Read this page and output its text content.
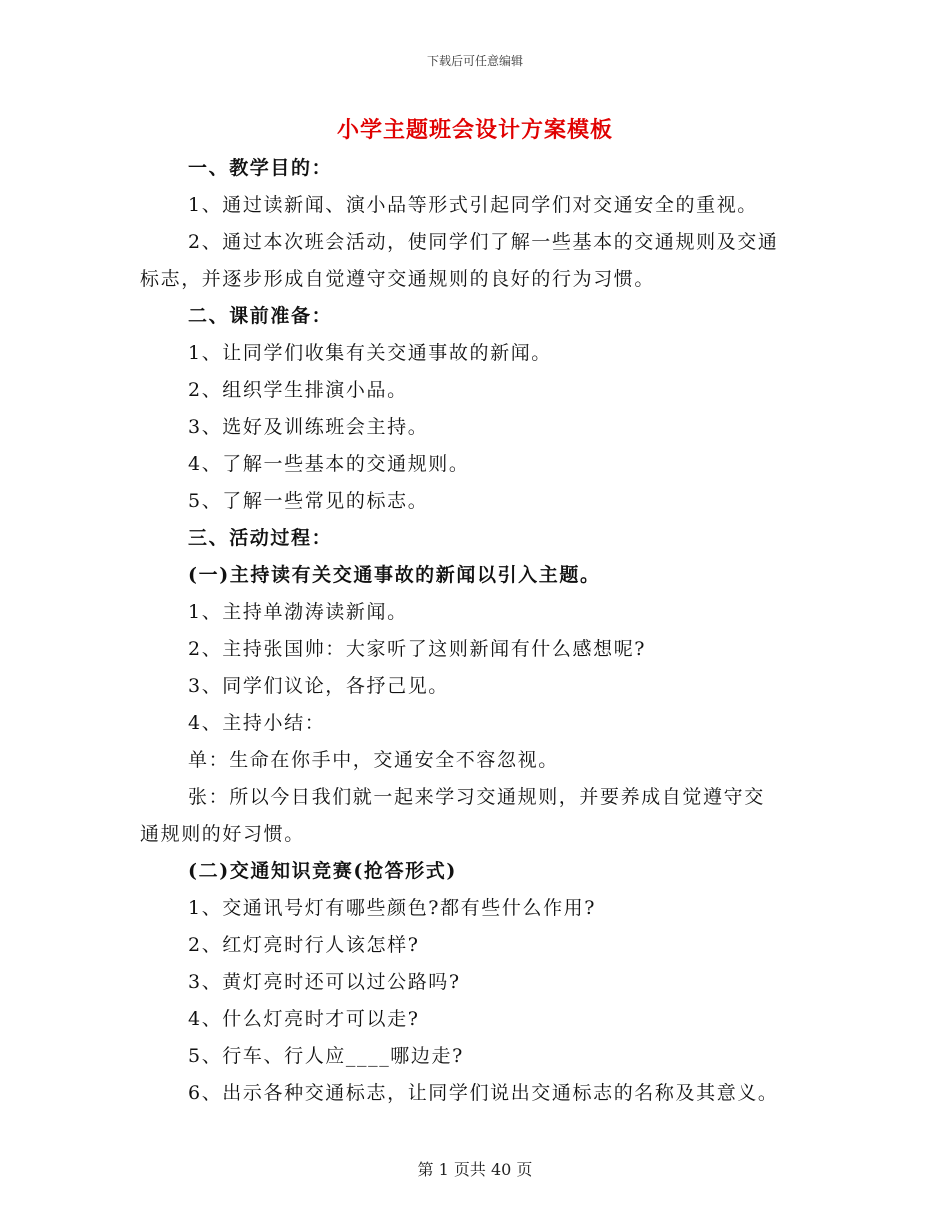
下载后可任意编辑
小学主题班会设计方案模板
一、教学目的：
1、通过读新闻、演小品等形式引起同学们对交通安全的重视。
2、通过本次班会活动，使同学们了解一些基本的交通规则及交通
标志，并逐步形成自觉遵守交通规则的良好的行为习惯。
二、课前准备：
1、让同学们收集有关交通事故的新闻。
2、组织学生排演小品。
3、选好及训练班会主持。
4、了解一些基本的交通规则。
5、了解一些常见的标志。
三、活动过程：
(一)主持读有关交通事故的新闻以引入主题。
1、主持单渤涛读新闻。
2、主持张国帅：大家听了这则新闻有什么感想呢?
3、同学们议论，各抒己见。
4、主持小结：
单：生命在你手中，交通安全不容忽视。
张：所以今日我们就一起来学习交通规则，并要养成自觉遵守交
通规则的好习惯。
(二)交通知识竞赛(抢答形式)
1、交通讯号灯有哪些颜色?都有些什么作用?
2、红灯亮时行人该怎样?
3、黄灯亮时还可以过公路吗?
4、什么灯亮时才可以走?
5、行车、行人应____哪边走?
6、出示各种交通标志，让同学们说出交通标志的名称及其意义。
第 1 页共 40 页
